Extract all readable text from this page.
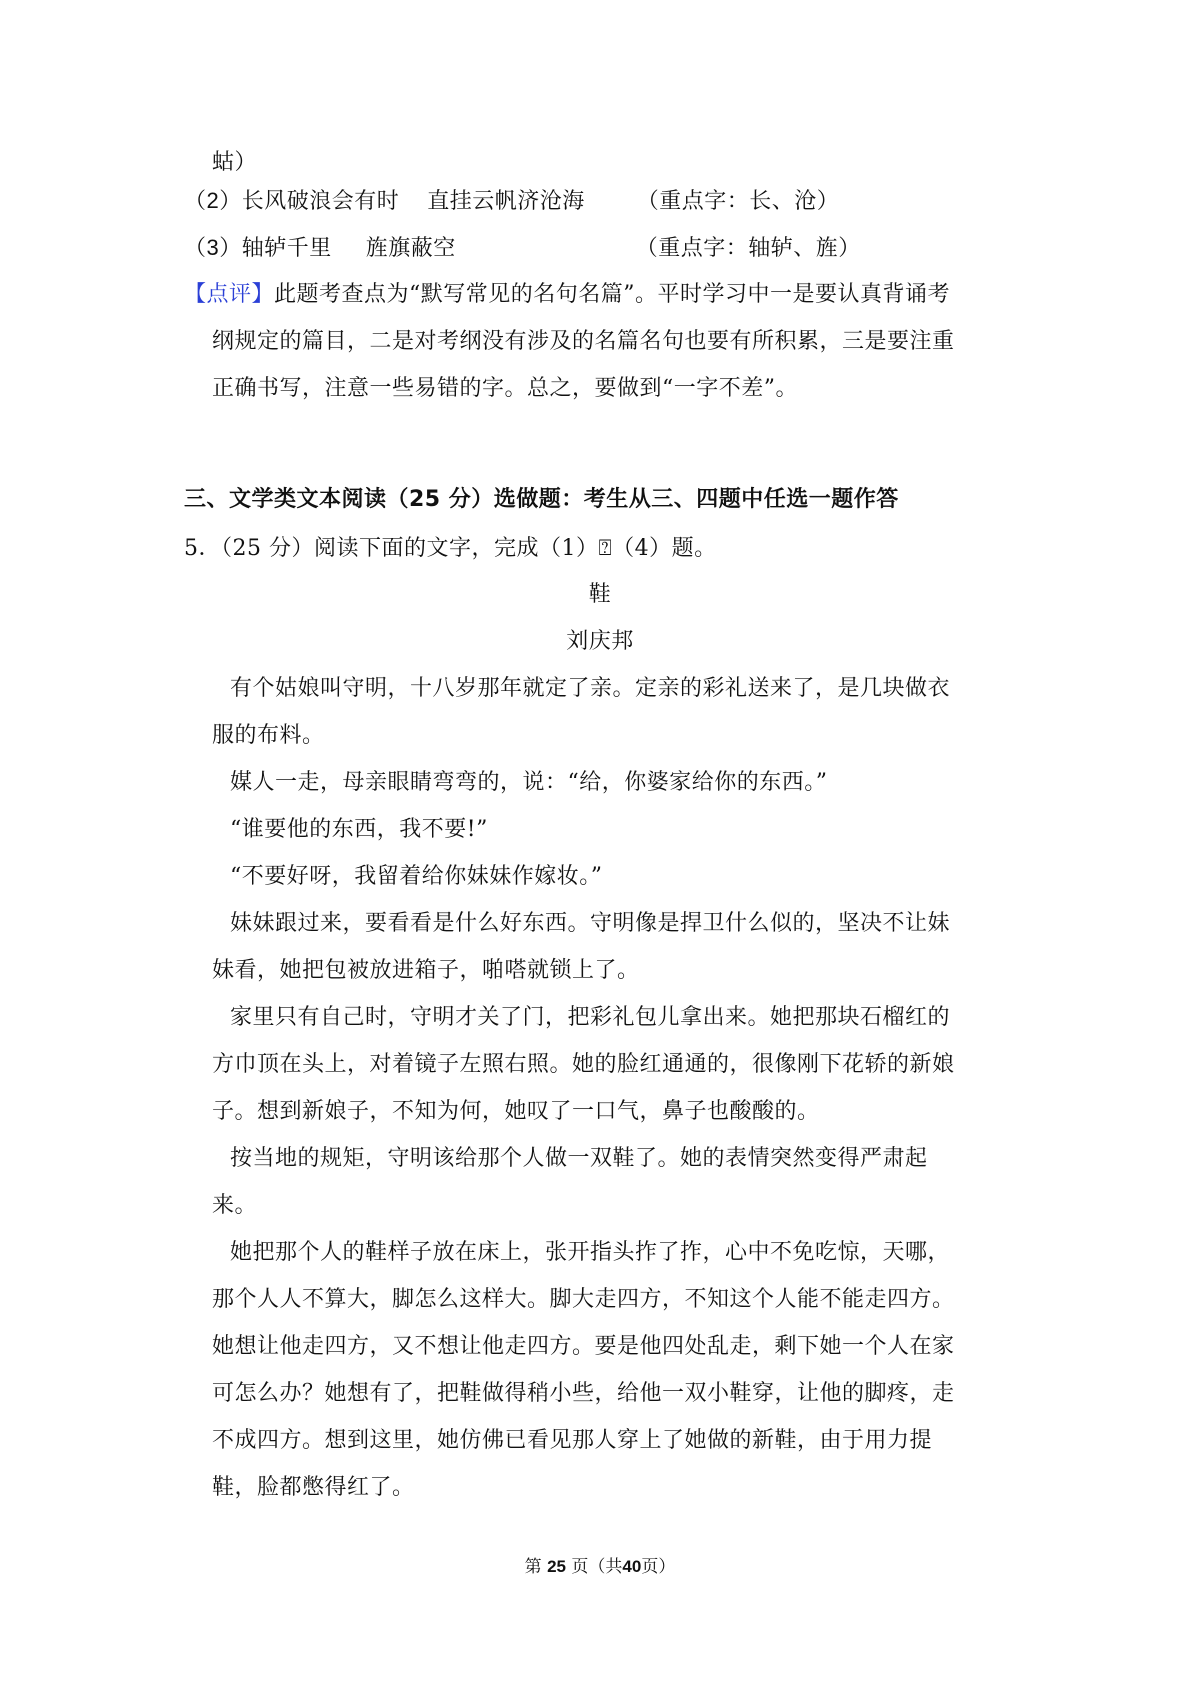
蛄）
（2）长风破浪会有时 直挂云帆济沧海 （重点字：长、沧）
（3）轴轳千里 旌旗蔽空	（重点字：轴轳、旌）
【点评】此题考查点为“默写常见的名句名篇”。平时学习中一是要认真背诵考
纲规定的篇目，二是对考纲没有涉及的名篇名句也要有所积累，三是要注重
正确书写，注意一些易错的字。总之，要做到“一字不差”。
三、文学类文本阅读（25 分）选做题：考生从三、四题中任选一题作答
5．（25 分）阅读下面的文字，完成（1）⍰（4）题。
鞋
刘庆邦
有个姑娘叫守明，十八岁那年就定了亲。定亲的彩礼送来了，是几块做衣
服的布料。
媒人一走，母亲眼睛弯弯的，说：“给，你婆家给你的东西。”
“谁要他的东西，我不要!”
“不要好呀，我留着给你妹妹作嫁妆。”
妹妹跟过来，要看看是什么好东西。守明像是捍卫什么似的，坚决不让妹
妹看，她把包被放进箱子，啪嗒就锁上了。
家里只有自己时，守明才关了门，把彩礼包儿拿出来。她把那块石榴红的
方巾顶在头上，对着镜子左照右照。她的脸红通通的，很像刚下花轿的新娘
子。想到新娘子，不知为何，她叹了一口气，鼻子也酸酸的。
按当地的规矩，守明该给那个人做一双鞋了。她的表情突然变得严肃起
来。
她把那个人的鞋样子放在床上，张开指头拃了拃，心中不免吃惊，天哪，
那个人人不算大，脚怎么这样大。脚大走四方，不知这个人能不能走四方。
她想让他走四方，又不想让他走四方。要是他四处乱走，剩下她一个人在家
可怎么办？她想有了，把鞋做得稍小些，给他一双小鞋穿，让他的脚疼，走
不成四方。想到这里，她仿佛已看见那人穿上了她做的新鞋，由于用力提
鞋，脸都憋得红了。
第 25 页（共40页）
